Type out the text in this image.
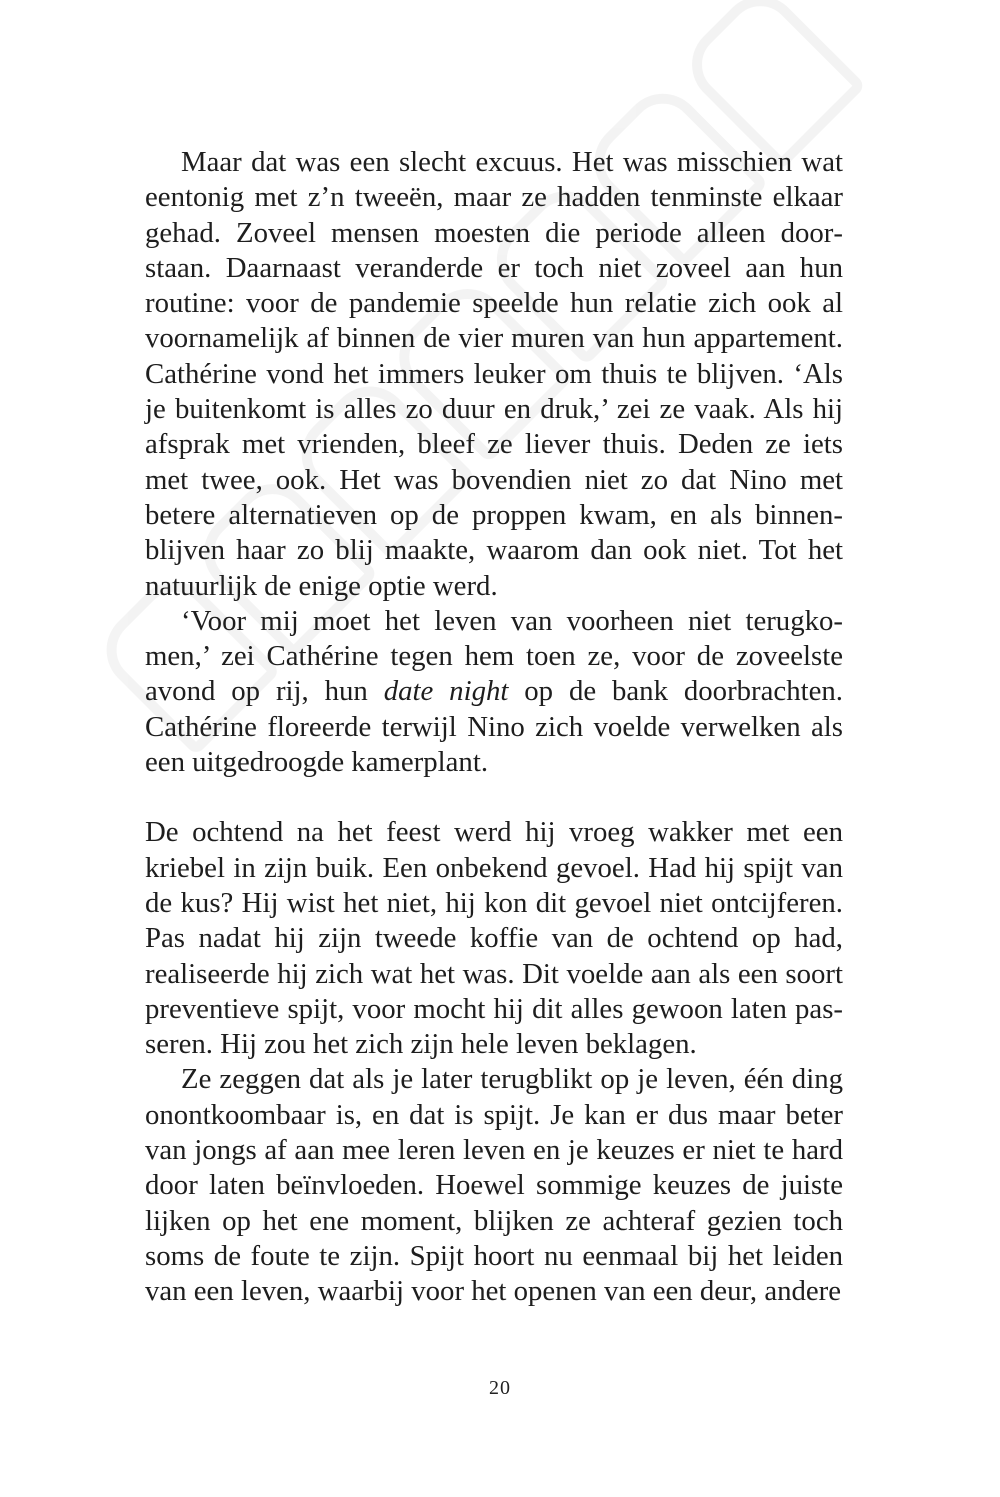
Maar dat was een slecht excuus. Het was misschien wat eentonig met z’n tweeën, maar ze hadden tenminste elkaar gehad. Zoveel mensen moesten die periode alleen doorstaan. Daarnaast veranderde er toch niet zoveel aan hun routine: voor de pandemie speelde hun relatie zich ook al voornamelijk af binnen de vier muren van hun appartement. Cathérine vond het immers leuker om thuis te blijven. ‘Als je buitenkomt is alles zo duur en druk,’ zei ze vaak. Als hij afsprak met vrienden, bleef ze liever thuis. Deden ze iets met twee, ook. Het was bovendien niet zo dat Nino met betere alternatieven op de proppen kwam, en als binnenblijven haar zo blij maakte, waarom dan ook niet. Tot het natuurlijk de enige optie werd.

‘Voor mij moet het leven van voorheen niet terugkomen,’ zei Cathérine tegen hem toen ze, voor de zoveelste avond op rij, hun date night op de bank doorbrachten. Cathérine floreerde terwijl Nino zich voelde verwelken als een uitgedroogde kamerplant.

De ochtend na het feest werd hij vroeg wakker met een kriebel in zijn buik. Een onbekend gevoel. Had hij spijt van de kus? Hij wist het niet, hij kon dit gevoel niet ontcijferen. Pas nadat hij zijn tweede koffie van de ochtend op had, realiseerde hij zich wat het was. Dit voelde aan als een soort preventieve spijt, voor mocht hij dit alles gewoon laten passeren. Hij zou het zich zijn hele leven beklagen.

Ze zeggen dat als je later terugblikt op je leven, één ding onontkoombaar is, en dat is spijt. Je kan er dus maar beter van jongs af aan mee leren leven en je keuzes er niet te hard door laten beïnvloeden. Hoewel sommige keuzes de juiste lijken op het ene moment, blijken ze achteraf gezien toch soms de foute te zijn. Spijt hoort nu eenmaal bij het leiden van een leven, waarbij voor het openen van een deur, andere

20
